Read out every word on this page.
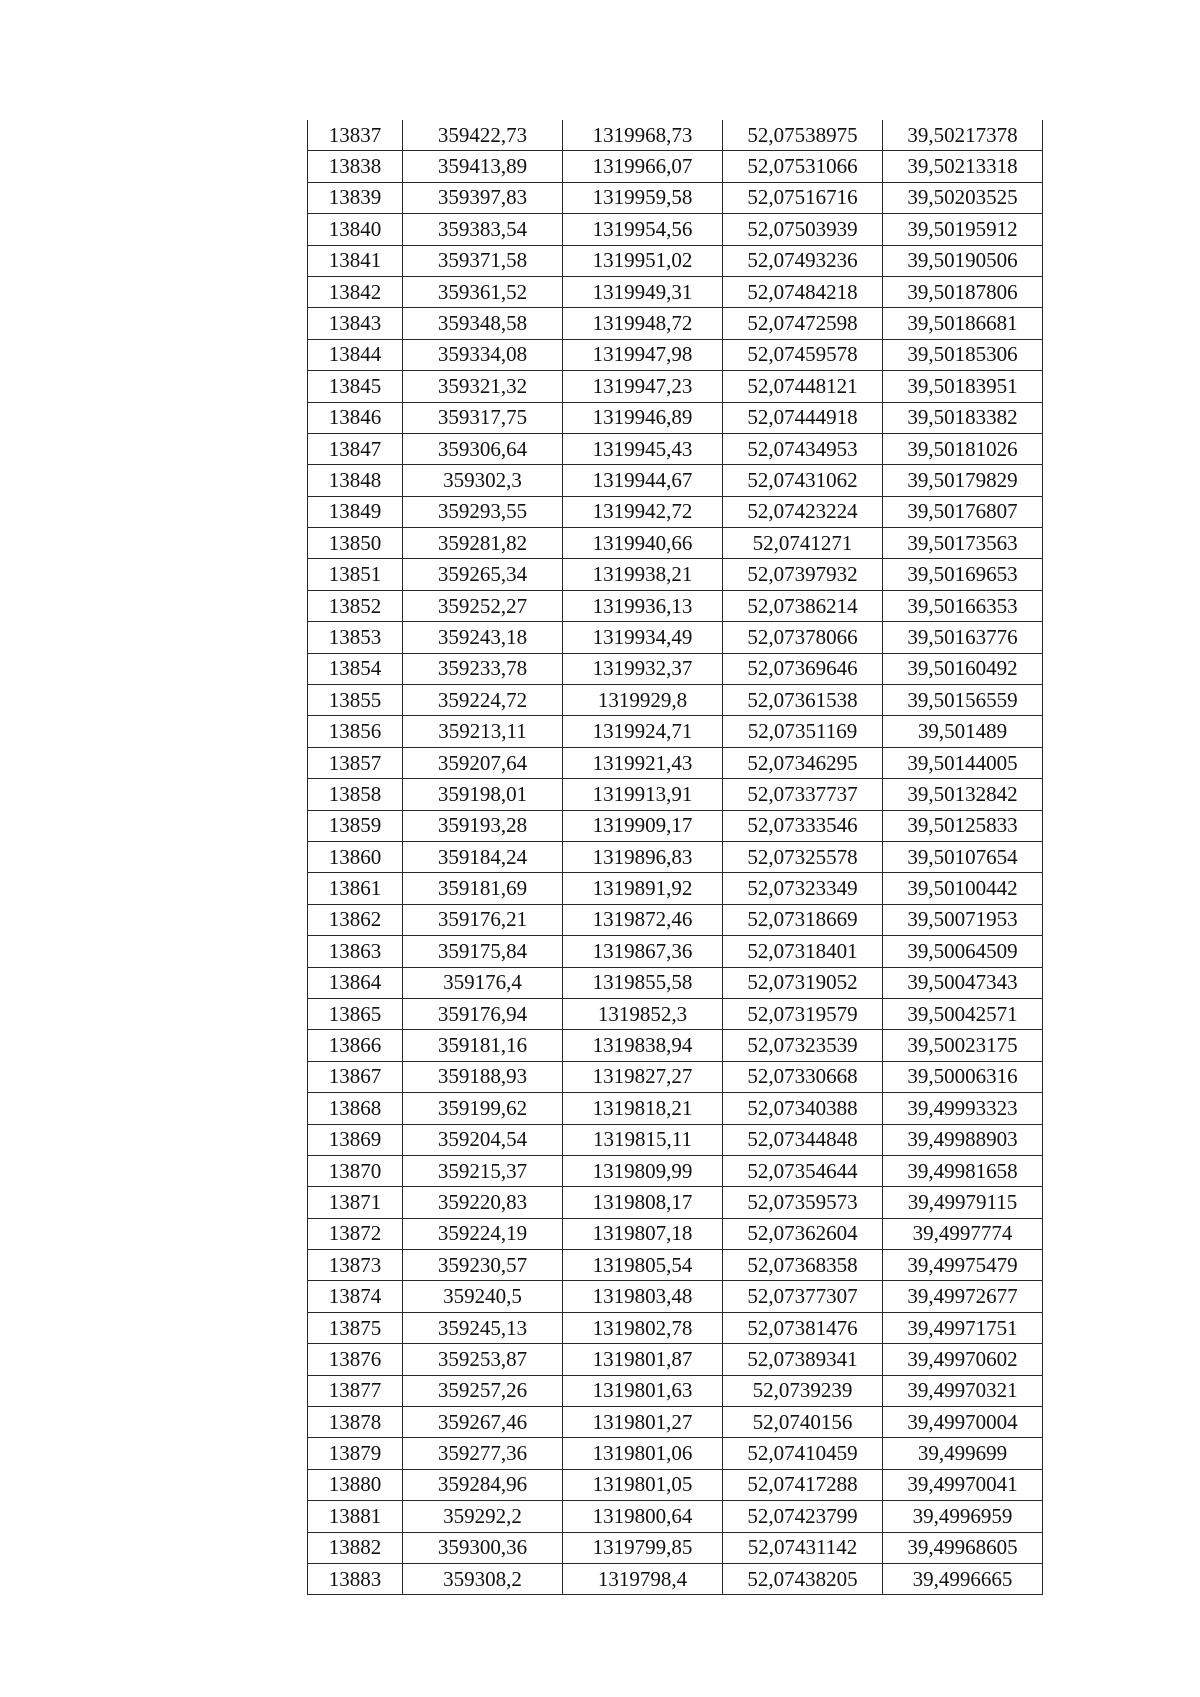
13837	359422,73	1319968,73	52,07538975	39,50217378
13838	359413,89	1319966,07	52,07531066	39,50213318
13839	359397,83	1319959,58	52,07516716	39,50203525
13840	359383,54	1319954,56	52,07503939	39,50195912
13841	359371,58	1319951,02	52,07493236	39,50190506
13842	359361,52	1319949,31	52,07484218	39,50187806
13843	359348,58	1319948,72	52,07472598	39,50186681
13844	359334,08	1319947,98	52,07459578	39,50185306
13845	359321,32	1319947,23	52,07448121	39,50183951
13846	359317,75	1319946,89	52,07444918	39,50183382
13847	359306,64	1319945,43	52,07434953	39,50181026
13848	359302,3	1319944,67	52,07431062	39,50179829
13849	359293,55	1319942,72	52,07423224	39,50176807
13850	359281,82	1319940,66	52,0741271	39,50173563
13851	359265,34	1319938,21	52,07397932	39,50169653
13852	359252,27	1319936,13	52,07386214	39,50166353
13853	359243,18	1319934,49	52,07378066	39,50163776
13854	359233,78	1319932,37	52,07369646	39,50160492
13855	359224,72	1319929,8	52,07361538	39,50156559
13856	359213,11	1319924,71	52,07351169	39,501489
13857	359207,64	1319921,43	52,07346295	39,50144005
13858	359198,01	1319913,91	52,07337737	39,50132842
13859	359193,28	1319909,17	52,07333546	39,50125833
13860	359184,24	1319896,83	52,07325578	39,50107654
13861	359181,69	1319891,92	52,07323349	39,50100442
13862	359176,21	1319872,46	52,07318669	39,50071953
13863	359175,84	1319867,36	52,07318401	39,50064509
13864	359176,4	1319855,58	52,07319052	39,50047343
13865	359176,94	1319852,3	52,07319579	39,50042571
13866	359181,16	1319838,94	52,07323539	39,50023175
13867	359188,93	1319827,27	52,07330668	39,50006316
13868	359199,62	1319818,21	52,07340388	39,49993323
13869	359204,54	1319815,11	52,07344848	39,49988903
13870	359215,37	1319809,99	52,07354644	39,49981658
13871	359220,83	1319808,17	52,07359573	39,49979115
13872	359224,19	1319807,18	52,07362604	39,4997774
13873	359230,57	1319805,54	52,07368358	39,49975479
13874	359240,5	1319803,48	52,07377307	39,49972677
13875	359245,13	1319802,78	52,07381476	39,49971751
13876	359253,87	1319801,87	52,07389341	39,49970602
13877	359257,26	1319801,63	52,0739239	39,49970321
13878	359267,46	1319801,27	52,0740156	39,49970004
13879	359277,36	1319801,06	52,07410459	39,499699
13880	359284,96	1319801,05	52,07417288	39,49970041
13881	359292,2	1319800,64	52,07423799	39,4996959
13882	359300,36	1319799,85	52,07431142	39,49968605
13883	359308,2	1319798,4	52,07438205	39,4996665
